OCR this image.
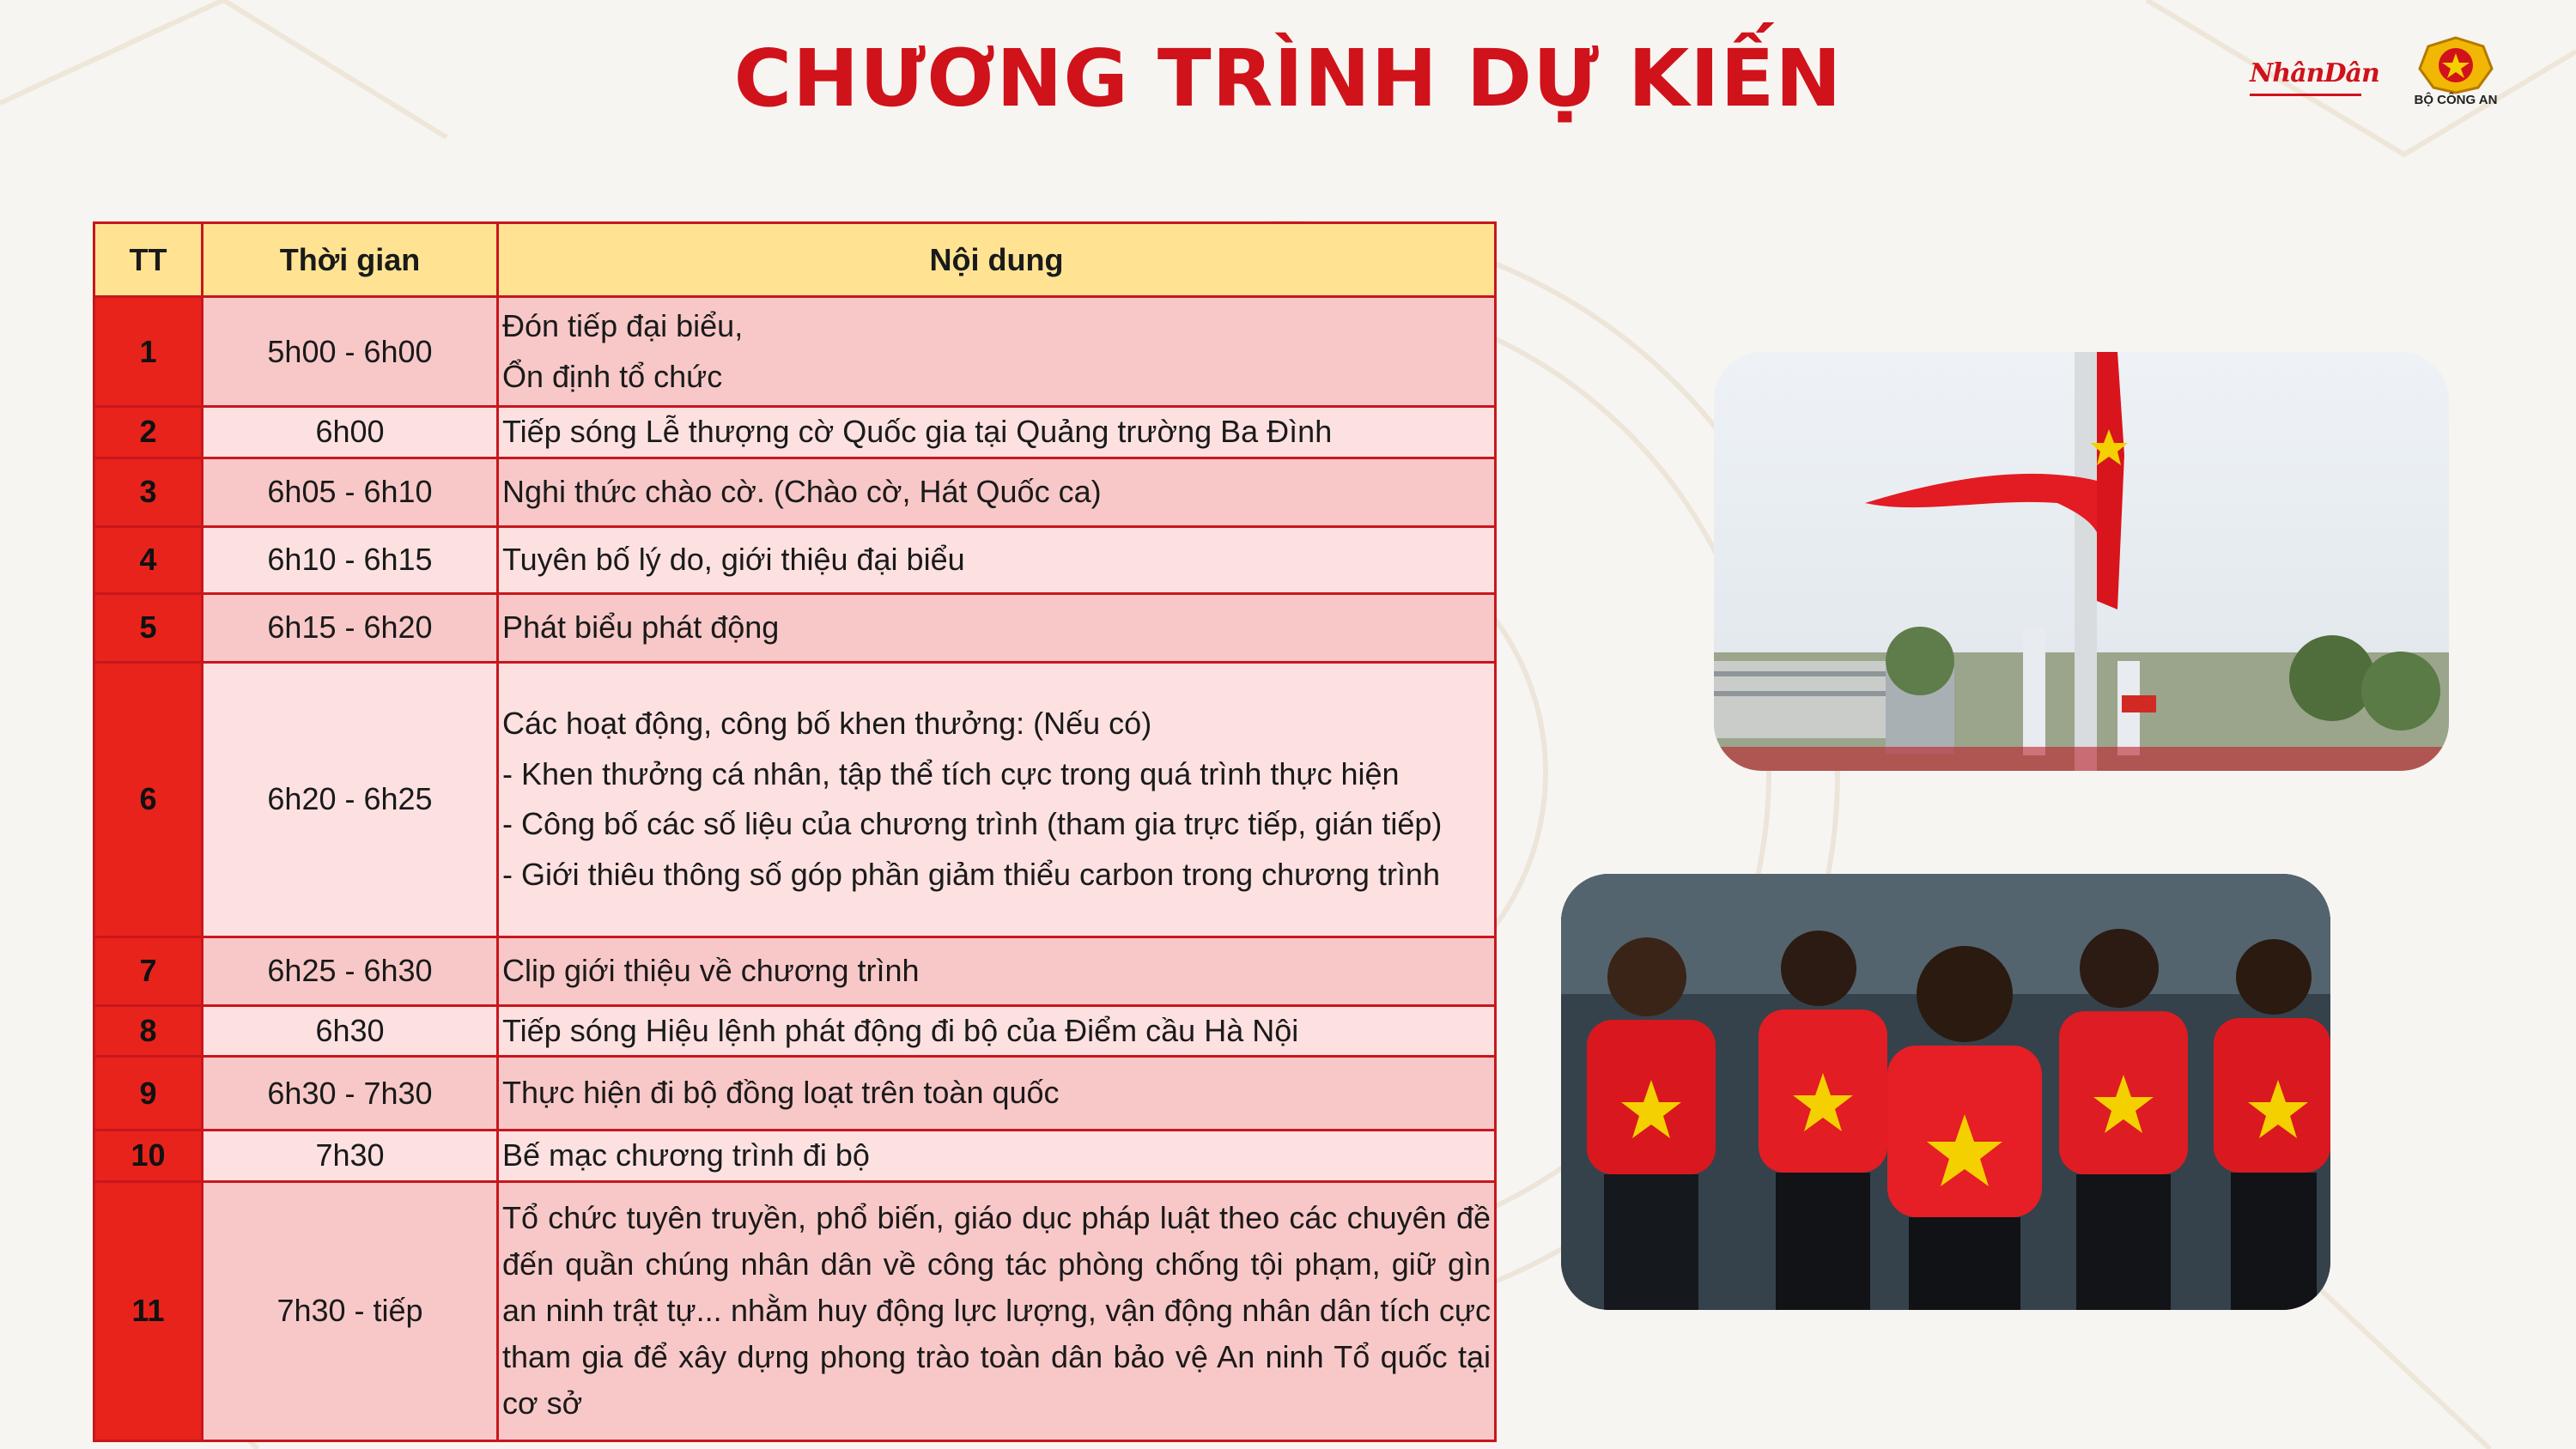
CHƯƠNG TRÌNH DỰ KIẾN	NhânDân
BỘ CÔNG AN
TT	Thời gian	Nội dung
1	5h00 - 6h00	Đón tiếp đại biểu,
Ổn định tổ chức

2	6h00	Tiếp sóng Lễ thượng cờ Quốc gia tại Quảng trường Ba Đình

3	6h05 - 6h10	Nghi thức chào cờ. (Chào cờ, Hát Quốc ca)

4	6h10 - 6h15	Tuyên bố lý do, giới thiệu đại biểu

5	6h15 - 6h20	Phát biểu phát động

6	6h20 - 6h25	Các hoạt động, công bố khen thưởng: (Nếu có)
- Khen thưởng cá nhân, tập thể tích cực trong quá trình thực hiện
- Công bố các số liệu của chương trình (tham gia trực tiếp, gián tiếp)
- Giới thiêu thông số góp phần giảm thiểu carbon trong chương trình

7	6h25 - 6h30	Clip giới thiệu về chương trình

8	6h30	Tiếp sóng Hiệu lệnh phát động đi bộ của Điểm cầu Hà Nội

9	6h30 - 7h30	Thực hiện đi bộ đồng loạt trên toàn quốc

10	7h30	Bế mạc chương trình đi bộ

11	7h30 - tiếp	Tổ chức tuyên truyền, phổ biến, giáo dục pháp luật theo các chuyên đề đến quần chúng nhân dân về công tác phòng chống tội phạm, giữ gìn an ninh trật tự... nhằm huy động lực lượng, vận động nhân dân tích cực tham gia để xây dựng phong trào toàn dân bảo vệ An ninh Tổ quốc tại cơ sở
